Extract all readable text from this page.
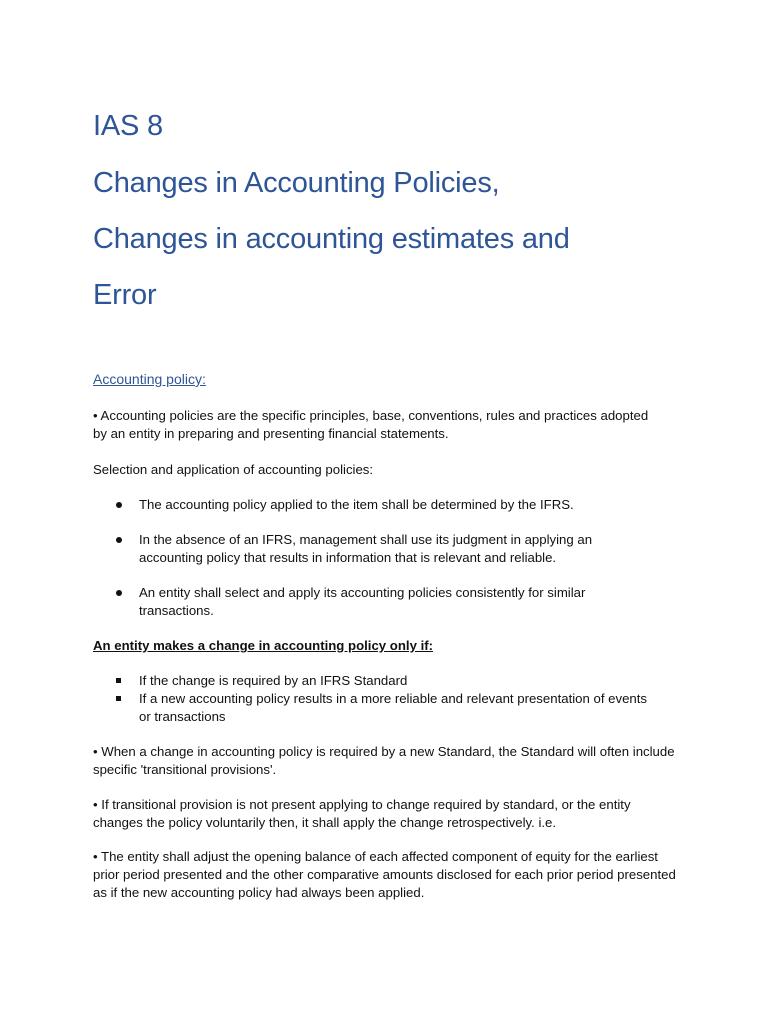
IAS 8
Changes in Accounting Policies,
Changes in accounting estimates and
Error
Accounting policy:

• Accounting policies are the specific principles, base, conventions, rules and practices adopted by an entity in preparing and presenting financial statements.

Selection and application of accounting policies:

The accounting policy applied to the item shall be determined by the IFRS.
In the absence of an IFRS, management shall use its judgment in applying an accounting policy that results in information that is relevant and reliable.
An entity shall select and apply its accounting policies consistently for similar transactions.

An entity makes a change in accounting policy only if:

If the change is required by an IFRS Standard
If a new accounting policy results in a more reliable and relevant presentation of events or transactions

• When a change in accounting policy is required by a new Standard, the Standard will often include specific 'transitional provisions'.

• If transitional provision is not present applying to change required by standard, or the entity changes the policy voluntarily then, it shall apply the change retrospectively. i.e.

• The entity shall adjust the opening balance of each affected component of equity for the earliest prior period presented and the other comparative amounts disclosed for each prior period presented as if the new accounting policy had always been applied.
